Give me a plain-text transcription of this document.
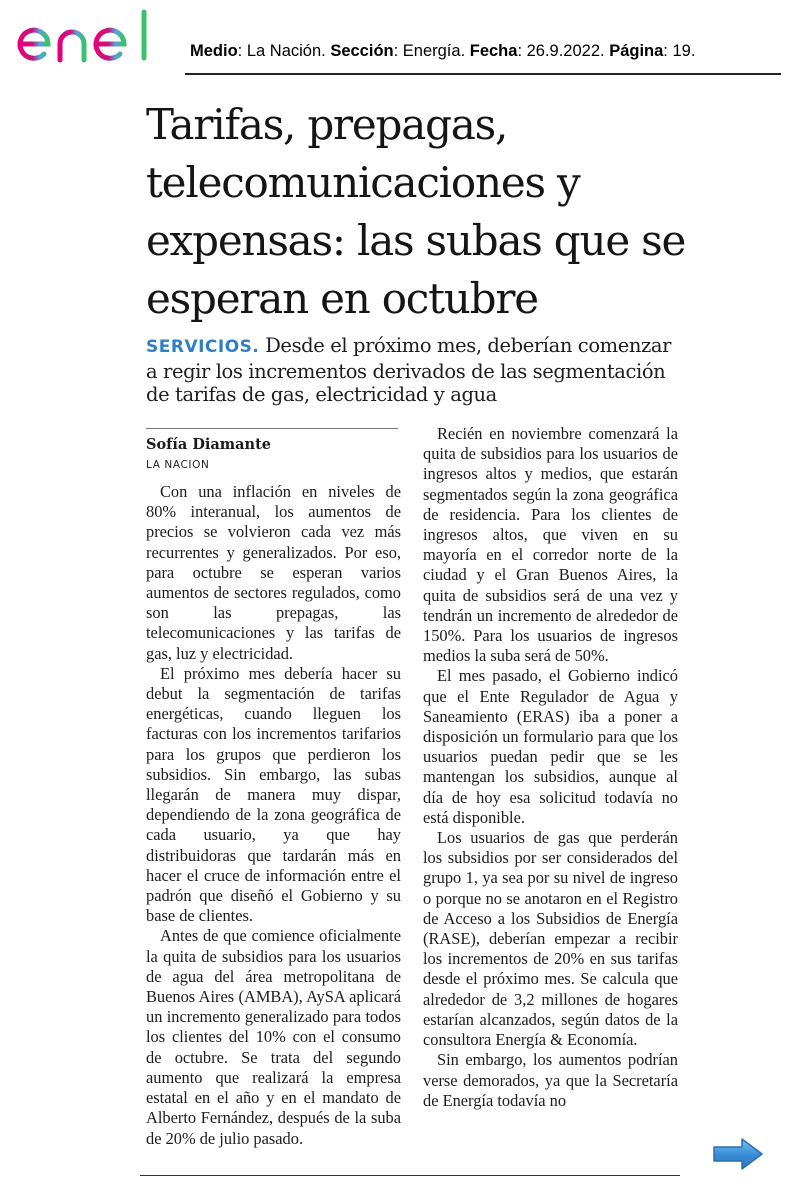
Medio: La Nación. Sección: Energía. Fecha: 26.9.2022. Página: 19.
Tarifas, prepagas, telecomunicaciones y expensas: las subas que se esperan en octubre

SERVICIOS. Desde el próximo mes, deberían comenzar a regir los incrementos derivados de las segmentación de tarifas de gas, electricidad y agua

Sofía Diamante
LA NACION

Con una inflación en niveles de 80% interanual, los aumentos de precios se volvieron cada vez más recurrentes y generalizados. Por eso, para octubre se esperan varios aumentos de sectores regulados, como son las prepagas, las telecomunicaciones y las tarifas de gas, luz y electricidad.

El próximo mes debería hacer su debut la segmentación de tarifas energéticas, cuando lleguen los facturas con los incrementos tarifarios para los grupos que perdieron los subsidios. Sin embargo, las subas llegarán de manera muy dispar, dependiendo de la zona geográfica de cada usuario, ya que hay distribuidoras que tardarán más en hacer el cruce de información entre el padrón que diseñó el Gobierno y su base de clientes.

Antes de que comience oficialmente la quita de subsidios para los usuarios de agua del área metropolitana de Buenos Aires (AMBA), AySA aplicará un incremento generalizado para todos los clientes del 10% con el consumo de octubre. Se trata del segundo aumento que realizará la empresa estatal en el año y en el mandato de Alberto Fernández, después de la suba de 20% de julio pasado.

Recién en noviembre comenzará la quita de subsidios para los usuarios de ingresos altos y medios, que estarán segmentados según la zona geográfica de residencia. Para los clientes de ingresos altos, que viven en su mayoría en el corredor norte de la ciudad y el Gran Buenos Aires, la quita de subsidios será de una vez y tendrán un incremento de alrededor de 150%. Para los usuarios de ingresos medios la suba será de 50%.

El mes pasado, el Gobierno indicó que el Ente Regulador de Agua y Saneamiento (ERAS) iba a poner a disposición un formulario para que los usuarios puedan pedir que se les mantengan los subsidios, aunque al día de hoy esa solicitud todavía no está disponible.

Los usuarios de gas que perderán los subsidios por ser considerados del grupo 1, ya sea por su nivel de ingreso o porque no se anotaron en el Registro de Acceso a los Subsidios de Energía (RASE), deberían empezar a recibir los incrementos de 20% en sus tarifas desde el próximo mes. Se calcula que alrededor de 3,2 millones de hogares estarían alcanzados, según datos de la consultora Energía & Economía.

Sin embargo, los aumentos podrían verse demorados, ya que la Secretaría de Energía todavía no
